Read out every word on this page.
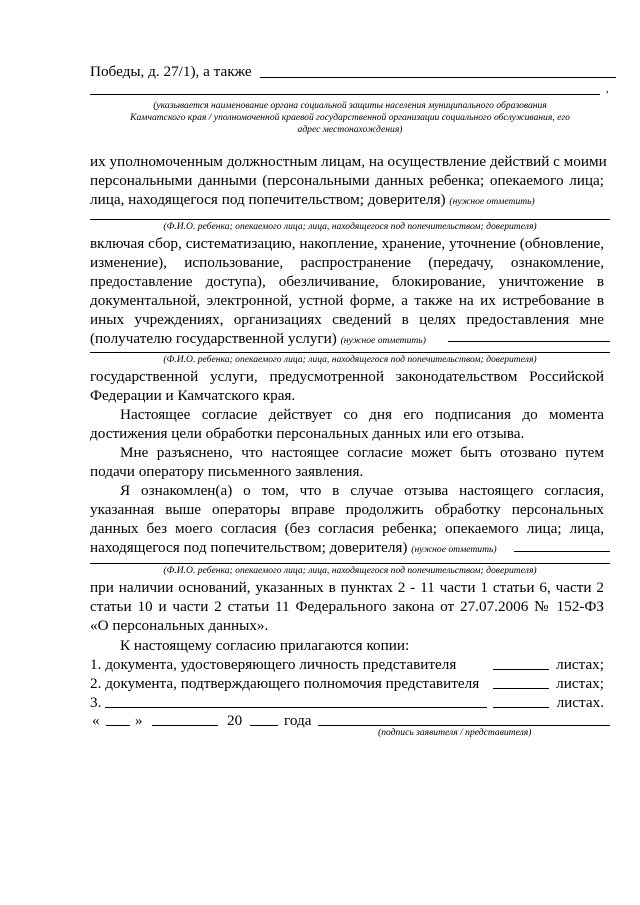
Победы, д. 27/1), а также
,
(указывается наименование органа социальной защиты населения муниципального образования
Камчатского края / уполномоченной краевой государственной организации социального обслуживания, его
адрес местонахождения)
их уполномоченным должностным лицам, на осуществление действий с моими
персональными данными (персональными данных ребенка; опекаемого лица;
лица, находящегося под попечительством; доверителя) (нужное отметить)
(Ф.И.О. ребенка; опекаемого лица; лица, находящегося под попечительством; доверителя)
включая сбор, систематизацию, накопление, хранение, уточнение (обновление,
изменение), использование, распространение (передачу, ознакомление,
предоставление доступа), обезличивание, блокирование, уничтожение в
документальной, электронной, устной форме, а также на их истребование в
иных учреждениях, организациях сведений в целях предоставления мне
(получателю государственной услуги) (нужное отметить)
(Ф.И.О. ребенка; опекаемого лица; лица, находящегося под попечительством; доверителя)
государственной услуги, предусмотренной законодательством Российской
Федерации и Камчатского края.
Настоящее согласие действует со дня его подписания до момента
достижения цели обработки персональных данных или его отзыва.
Мне разъяснено, что настоящее согласие может быть отозвано путем
подачи оператору письменного заявления.
Я ознакомлен(а) о том, что в случае отзыва настоящего согласия,
указанная выше операторы вправе продолжить обработку персональных
данных без моего согласия (без согласия ребенка; опекаемого лица; лица,
находящегося под попечительством; доверителя) (нужное отметить)
(Ф.И.О. ребенка; опекаемого лица; лица, находящегося под попечительством; доверителя)
при наличии оснований, указанных в пунктах 2 - 11 части 1 статьи 6, части 2
статьи 10 и части 2 статьи 11 Федерального закона от 27.07.2006 № 152-ФЗ
«О персональных данных».
К настоящему согласию прилагаются копии:
1. документа, удостоверяющего личность представителя	листах;
2. документа, подтверждающего полномочия представителя	листах;
3.	листах.
« »	20	года
(подпись заявителя / представителя)
